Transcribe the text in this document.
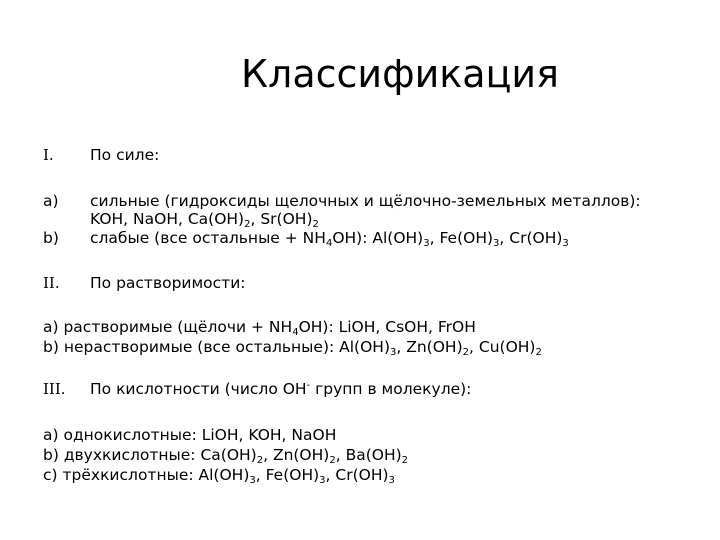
Классификация
I. По силе:
a) сильные (гидроксиды щелочных и щёлочно-земельных металлов):
KOH, NaOH, $Ca(OH)_2$, $Sr(OH)_2$
b) слабые (все остальные + $NH_4OH$): $Al(OH)_3$, $Fe(OH)_3$, $Cr(OH)_3$
II. По растворимости:
a) растворимые (щёлочи + $NH_4OH$): LiOH, CsOH, FrOH
b) нерастворимые (все остальные): $Al(OH)_3$, $Zn(OH)_2$, $Cu(OH)_2$
III. По кислотности (число OH- групп в молекуле):
a) однокислотные: LiOH, KOH, NaOH
b) двухкислотные: $Ca(OH)_2$, $Zn(OH)_2$, $Ba(OH)_2$
c) трёхкислотные: $Al(OH)_3$, $Fe(OH)_3$, $Cr(OH)_3$
